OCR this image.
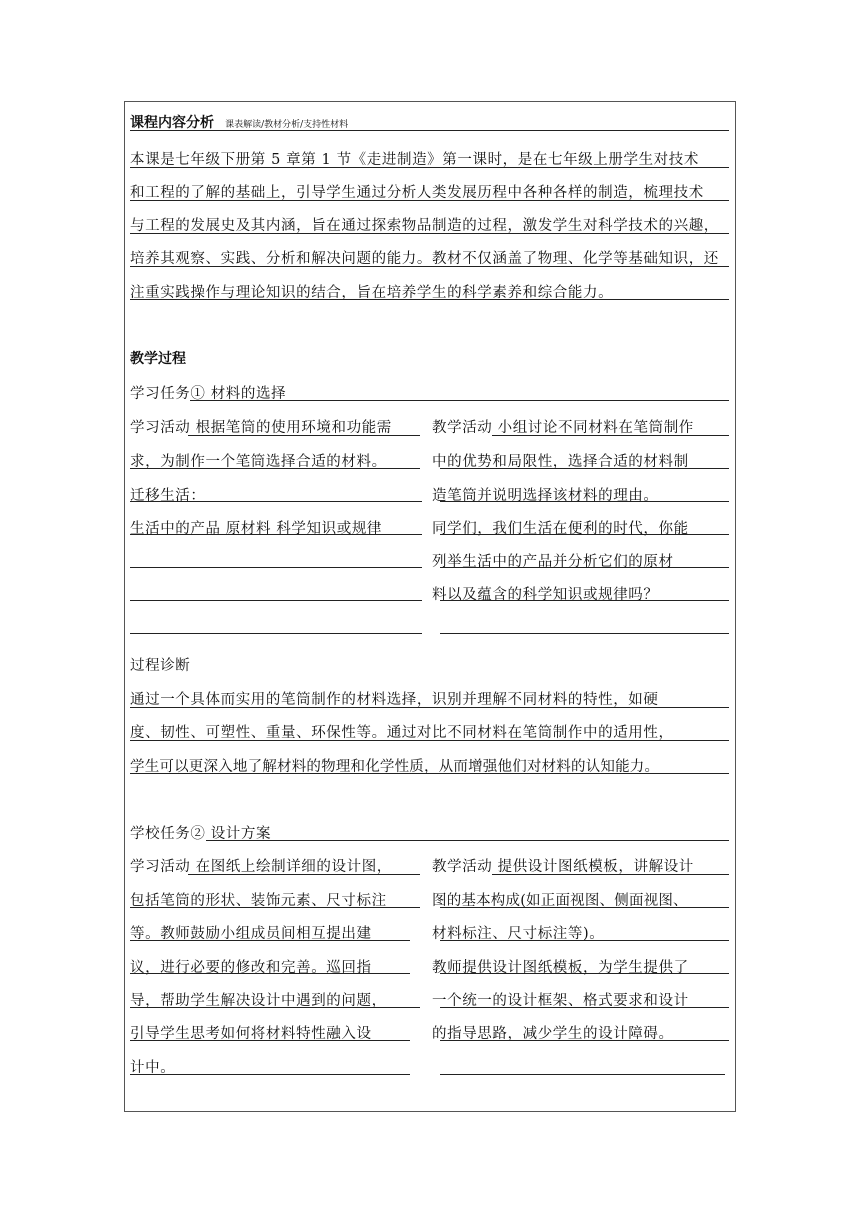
课程内容分析 课表解读/教材分析/支持性材料
本课是七年级下册第 5 章第 1 节《走进制造》第一课时，是在七年级上册学生对技术
和工程的了解的基础上，引导学生通过分析人类发展历程中各种各样的制造，梳理技术
与工程的发展史及其内涵，旨在通过探索物品制造的过程，激发学生对科学技术的兴趣，
培养其观察、实践、分析和解决问题的能力。教材不仅涵盖了物理、化学等基础知识，还
注重实践操作与理论知识的结合，旨在培养学生的科学素养和综合能力。
教学过程
学习任务① 材料的选择
学习活动 根据笔筒的使用环境和功能需
求，为制作一个笔筒选择合适的材料。
迁移生活：
生活中的产品 原材料 科学知识或规律
教学活动 小组讨论不同材料在笔筒制作
中的优势和局限性，选择合适的材料制
造笔筒并说明选择该材料的理由。
同学们，我们生活在便利的时代，你能
列举生活中的产品并分析它们的原材
料以及蕴含的科学知识或规律吗？
过程诊断
通过一个具体而实用的笔筒制作的材料选择，识别并理解不同材料的特性，如硬
度、韧性、可塑性、重量、环保性等。通过对比不同材料在笔筒制作中的适用性，
学生可以更深入地了解材料的物理和化学性质，从而增强他们对材料的认知能力。
学校任务② 设计方案
学习活动 在图纸上绘制详细的设计图，
包括笔筒的形状、装饰元素、尺寸标注
等。教师鼓励小组成员间相互提出建
议，进行必要的修改和完善。巡回指
导，帮助学生解决设计中遇到的问题，
引导学生思考如何将材料特性融入设
计中。
教学活动 提供设计图纸模板，讲解设计
图的基本构成(如正面视图、侧面视图、
材料标注、尺寸标注等)。
教师提供设计图纸模板，为学生提供了
一个统一的设计框架、格式要求和设计
的指导思路，减少学生的设计障碍。
